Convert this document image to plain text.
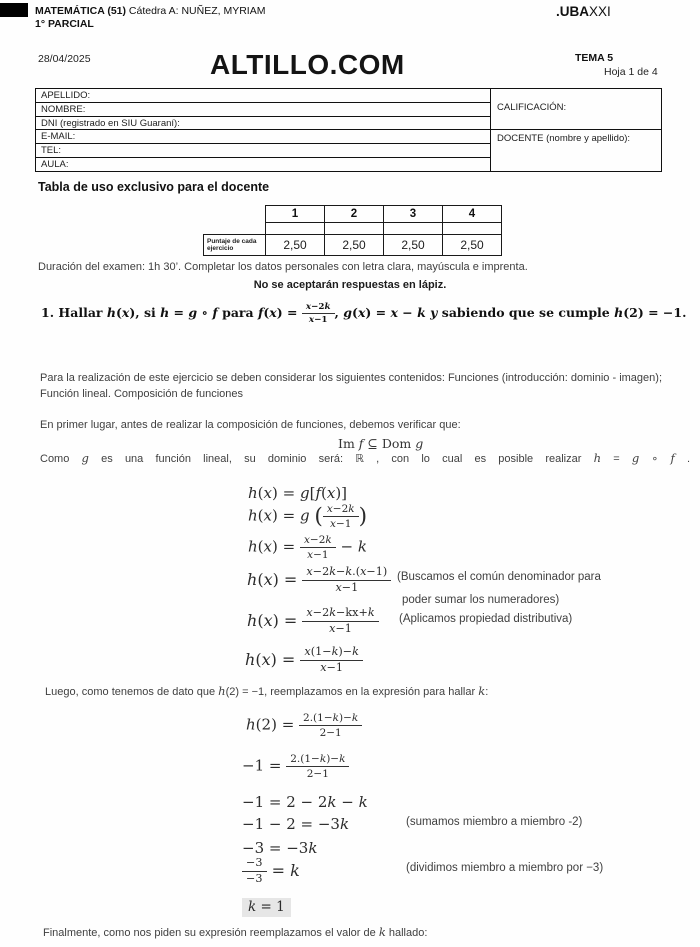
MATEMÁTICA (51) Cátedra A: NUÑEZ, MYRIAM
1° PARCIAL
.UBAXXI
28/04/2025	ALTILLO.COM	TEMA 5
Hoja 1 de 4
APELLIDO:
NOMBRE:
DNI (registrado en SIU Guaraní):
E-MAIL:
TEL:
AULA:
CALIFICACIÓN:
DOCENTE (nombre y apellido):
Tabla de uso exclusivo para el docente
	1	2	3	4

Puntaje de cada ejercicio	2,50	2,50	2,50	2,50
Duración del examen: 1h 30’. Completar los datos personales con letra clara, mayúscula e imprenta.
No se aceptarán respuestas en lápiz.
1. Hallar h(x), si h = g ∘ f para $f(x) = \frac{x-2k}{x-1}$ , g(x) = x − k y sabiendo que se cumple h(2) = −1.
Para la realización de este ejercicio se deben considerar los siguientes contenidos: Funciones (introducción: dominio - imagen); Función lineal. Composición de funciones
En primer lugar, antes de realizar la composición de funciones, debemos verificar que:
Im f ⊆ Dom g
Como g es una función lineal, su dominio será: ℝ , con lo cual es posible realizar h = g ∘ f .
h(x) = g[f(x)]
h(x) = g ( $\frac{x-2k}{x-1}$ )
$h(x) = \frac{x-2k}{x-1} - k$
$h(x) = \frac{x-2k-k.(x-1)}{x-1}$ (Buscamos el común denominador para
poder sumar los numeradores)
$h(x) = \frac{x-2k-kx+k}{x-1}$ (Aplicamos propiedad distributiva)
$h(x) = \frac{x(1-k)-k}{x-1}$
Luego, como tenemos de dato que h(2) = −1, reemplazamos en la expresión para hallar k:
$h(2) = \frac{2.(1-k)-k}{2-1}$
$-1 = \frac{2.(1-k)-k}{2-1}$
−1 = 2 − 2k − k
−1 − 2 = −3k	(sumamos miembro a miembro -2)
−3 = −3k
$\frac{-3}{-3} = k$	(dividimos miembro a miembro por −3)
k = 1
Finalmente, como nos piden su expresión reemplazamos el valor de k hallado:
